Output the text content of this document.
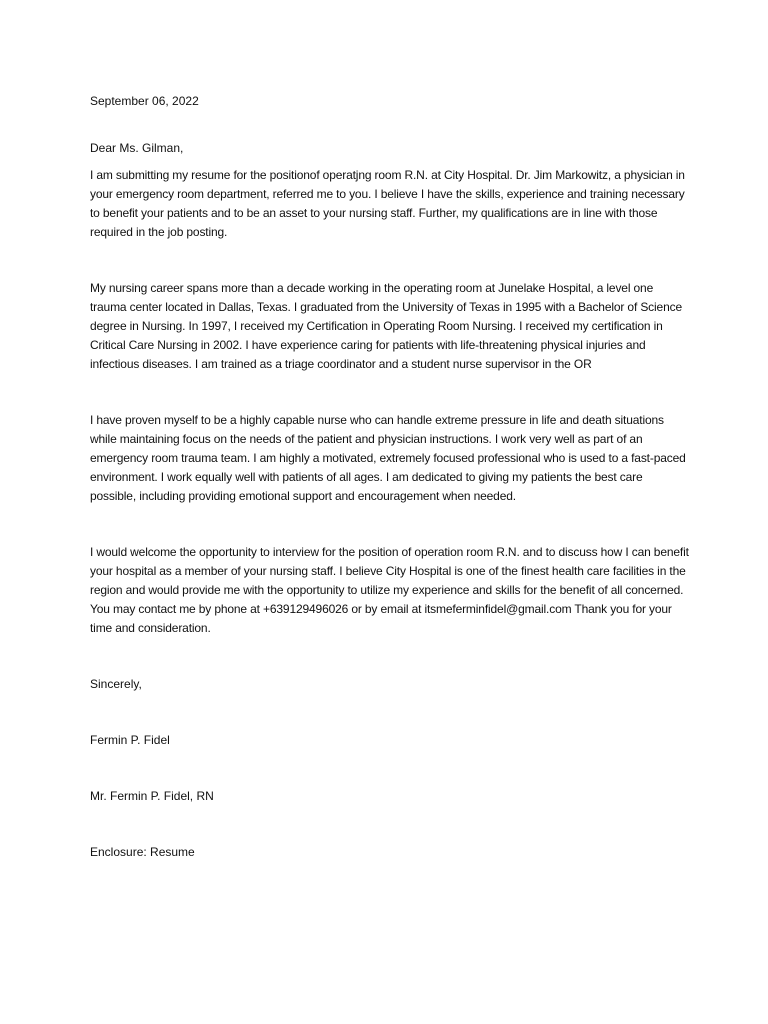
September 06, 2022
Dear Ms. Gilman,

I am submitting my resume for the positionof operatjng room R.N. at City Hospital. Dr. Jim Markowitz, a physician in your emergency room department, referred me to you. I believe I have the skills, experience and training necessary to benefit your patients and to be an asset to your nursing staff. Further, my qualifications are in line with those required in the job posting.

My nursing career spans more than a decade working in the operating room at Junelake Hospital, a level one trauma center located in Dallas, Texas. I graduated from the University of Texas in 1995 with a Bachelor of Science degree in Nursing. In 1997, I received my Certification in Operating Room Nursing. I received my certification in Critical Care Nursing in 2002. I have experience caring for patients with life-threatening physical injuries and infectious diseases. I am trained as a triage coordinator and a student nurse supervisor in the OR

I have proven myself to be a highly capable nurse who can handle extreme pressure in life and death situations while maintaining focus on the needs of the patient and physician instructions. I work very well as part of an emergency room trauma team. I am highly a motivated, extremely focused professional who is used to a fast-paced environment. I work equally well with patients of all ages. I am dedicated to giving my patients the best care possible, including providing emotional support and encouragement when needed.

I would welcome the opportunity to interview for the position of operation room R.N. and to discuss how I can benefit your hospital as a member of your nursing staff. I believe City Hospital is one of the finest health care facilities in the region and would provide me with the opportunity to utilize my experience and skills for the benefit of all concerned. You may contact me by phone at +639129496026 or by email at itsmeferminfidel@gmail.com Thank you for your time and consideration.

Sincerely,
Fermin P. Fidel
Mr. Fermin P. Fidel, RN
Enclosure: Resume
